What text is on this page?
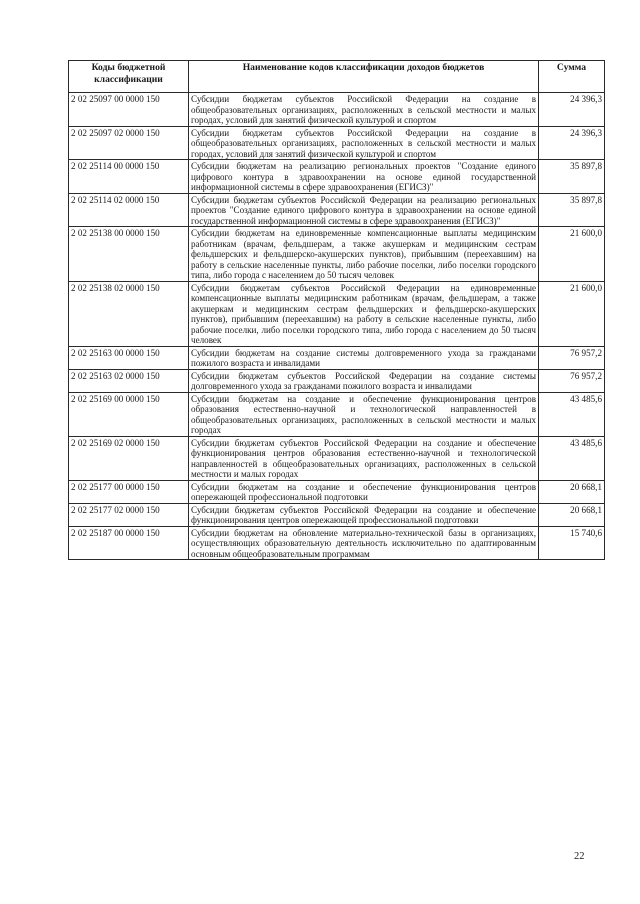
Коды бюджетной классификации	Наименование кодов классификации доходов бюджетов	Сумма
2 02 25097 00 0000 150	Субсидии бюджетам субъектов Российской Федерации на создание в общеобразовательных организациях, расположенных в сельской местности и малых городах, условий для занятий физической культурой и спортом	24 396,3
2 02 25097 02 0000 150	Субсидии бюджетам субъектов Российской Федерации на создание в общеобразовательных организациях, расположенных в сельской местности и малых городах, условий для занятий физической культурой и спортом	24 396,3
2 02 25114 00 0000 150	Субсидии бюджетам на реализацию региональных проектов "Создание единого цифрового контура в здравоохранении на основе единой государственной информационной системы в сфере здравоохранения (ЕГИСЗ)"	35 897,8
2 02 25114 02 0000 150	Субсидии бюджетам субъектов Российской Федерации на реализацию региональных проектов "Создание единого цифрового контура в здравоохранении на основе единой государственной информационной системы в сфере здравоохранения (ЕГИСЗ)"	35 897,8
2 02 25138 00 0000 150	Субсидии бюджетам на единовременные компенсационные выплаты медицинским работникам (врачам, фельдшерам, а также акушеркам и медицинским сестрам фельдшерских и фельдшерско-акушерских пунктов), прибывшим (переехавшим) на работу в сельские населенные пункты, либо рабочие поселки, либо поселки городского типа, либо города с населением до 50 тысяч человек	21 600,0
2 02 25138 02 0000 150	Субсидии бюджетам субъектов Российской Федерации на единовременные компенсационные выплаты медицинским работникам (врачам, фельдшерам, а также акушеркам и медицинским сестрам фельдшерских и фельдшерско-акушерских пунктов), прибывшим (переехавшим) на работу в сельские населенные пункты, либо рабочие поселки, либо поселки городского типа, либо города с населением до 50 тысяч человек	21 600,0
2 02 25163 00 0000 150	Субсидии бюджетам на создание системы долговременного ухода за гражданами пожилого возраста и инвалидами	76 957,2
2 02 25163 02 0000 150	Субсидии бюджетам субъектов Российской Федерации на создание системы долговременного ухода за гражданами пожилого возраста и инвалидами	76 957,2
2 02 25169 00 0000 150	Субсидии бюджетам на создание и обеспечение функционирования центров образования естественно-научной и технологической направленностей в общеобразовательных организациях, расположенных в сельской местности и малых городах	43 485,6
2 02 25169 02 0000 150	Субсидии бюджетам субъектов Российской Федерации на создание и обеспечение функционирования центров образования естественно-научной и технологической направленностей в общеобразовательных организациях, расположенных в сельской местности и малых городах	43 485,6
2 02 25177 00 0000 150	Субсидии бюджетам на создание и обеспечение функционирования центров опережающей профессиональной подготовки	20 668,1
2 02 25177 02 0000 150	Субсидии бюджетам субъектов Российской Федерации на создание и обеспечение функционирования центров опережающей профессиональной подготовки	20 668,1
2 02 25187 00 0000 150	Субсидии бюджетам на обновление материально-технической базы в организациях, осуществляющих образовательную деятельность исключительно по адаптированным основным общеобразовательным программам	15 740,6
22
